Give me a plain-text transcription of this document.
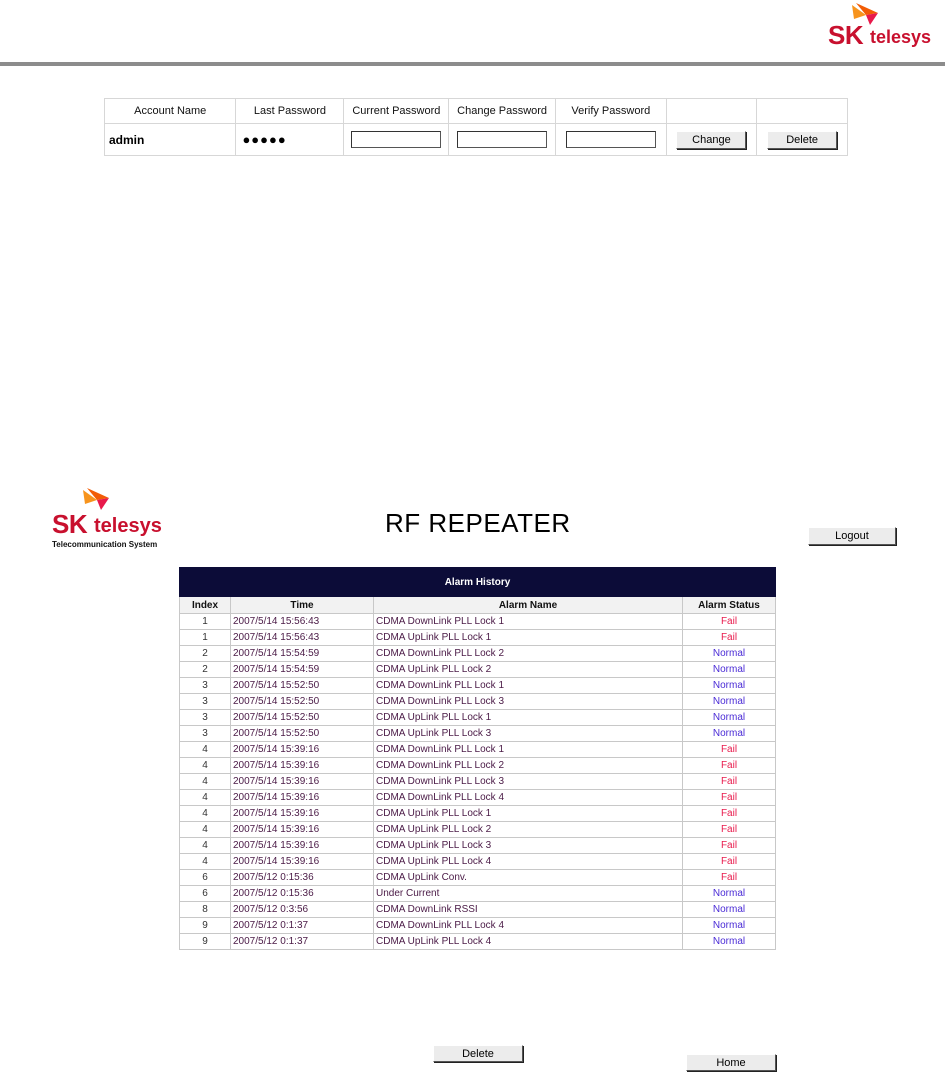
SK telesys
Account Name	Last Password	Current Password	Change Password	Verify Password		
admin	●●●●●				Change	Delete
SK telesys
Telecommunication System
RF REPEATER	Logout
Alarm History			
Index	Time	Alarm Name	Alarm Status
1	2007/5/14 15:56:43	CDMA DownLink PLL Lock 1	Fail
1	2007/5/14 15:56:43	CDMA UpLink PLL Lock 1	Fail
2	2007/5/14 15:54:59	CDMA DownLink PLL Lock 2	Normal
2	2007/5/14 15:54:59	CDMA UpLink PLL Lock 2	Normal
3	2007/5/14 15:52:50	CDMA DownLink PLL Lock 1	Normal
3	2007/5/14 15:52:50	CDMA DownLink PLL Lock 3	Normal
3	2007/5/14 15:52:50	CDMA UpLink PLL Lock 1	Normal
3	2007/5/14 15:52:50	CDMA UpLink PLL Lock 3	Normal
4	2007/5/14 15:39:16	CDMA DownLink PLL Lock 1	Fail
4	2007/5/14 15:39:16	CDMA DownLink PLL Lock 2	Fail
4	2007/5/14 15:39:16	CDMA DownLink PLL Lock 3	Fail
4	2007/5/14 15:39:16	CDMA DownLink PLL Lock 4	Fail
4	2007/5/14 15:39:16	CDMA UpLink PLL Lock 1	Fail
4	2007/5/14 15:39:16	CDMA UpLink PLL Lock 2	Fail
4	2007/5/14 15:39:16	CDMA UpLink PLL Lock 3	Fail
4	2007/5/14 15:39:16	CDMA UpLink PLL Lock 4	Fail
6	2007/5/12 0:15:36	CDMA UpLink Conv.	Fail
6	2007/5/12 0:15:36	Under Current	Normal
8	2007/5/12 0:3:56	CDMA DownLink RSSI	Normal
9	2007/5/12 0:1:37	CDMA DownLink PLL Lock 4	Normal
9	2007/5/12 0:1:37	CDMA UpLink PLL Lock 4	Normal
Delete
Home
